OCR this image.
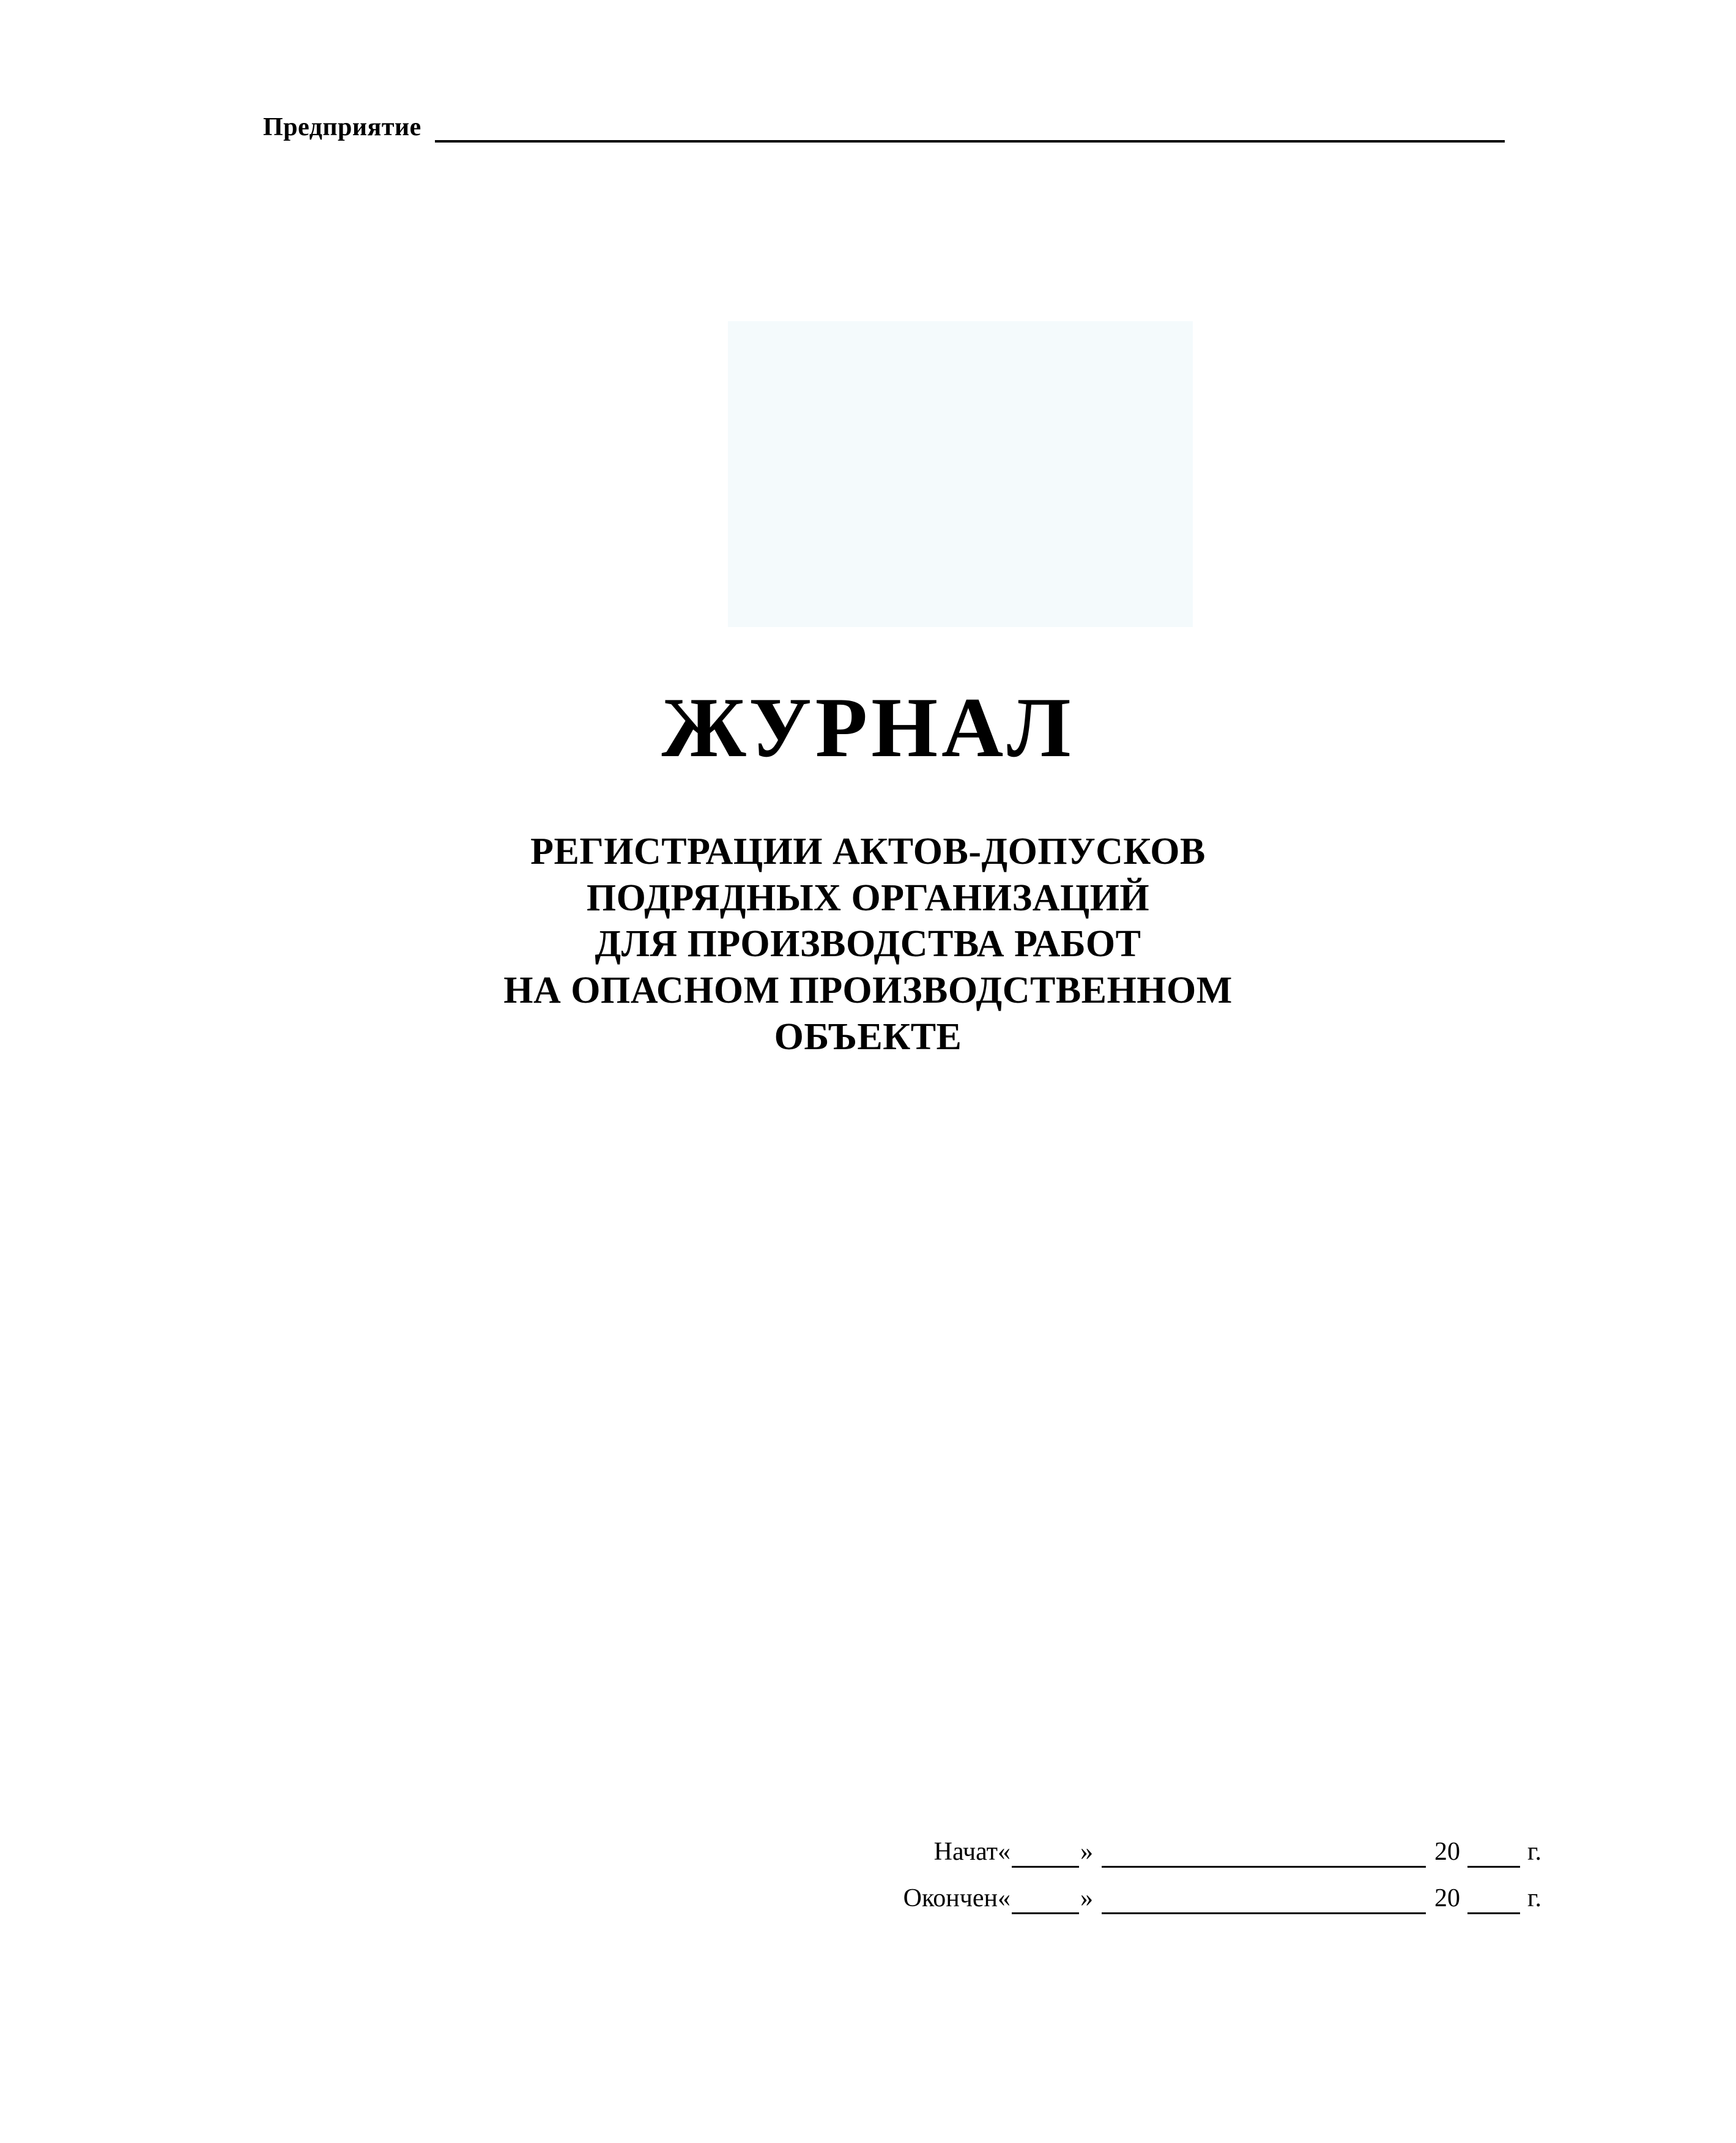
Предприятие
ЖУРНАЛ
РЕГИСТРАЦИИ АКТОВ-ДОПУСКОВ
ПОДРЯДНЫХ ОРГАНИЗАЦИЙ
ДЛЯ ПРОИЗВОДСТВА РАБОТ
НА ОПАСНОМ ПРОИЗВОДСТВЕННОМ
ОБЪЕКТЕ
Начат «	»	20	г.
Окончен «	»	20	г.
